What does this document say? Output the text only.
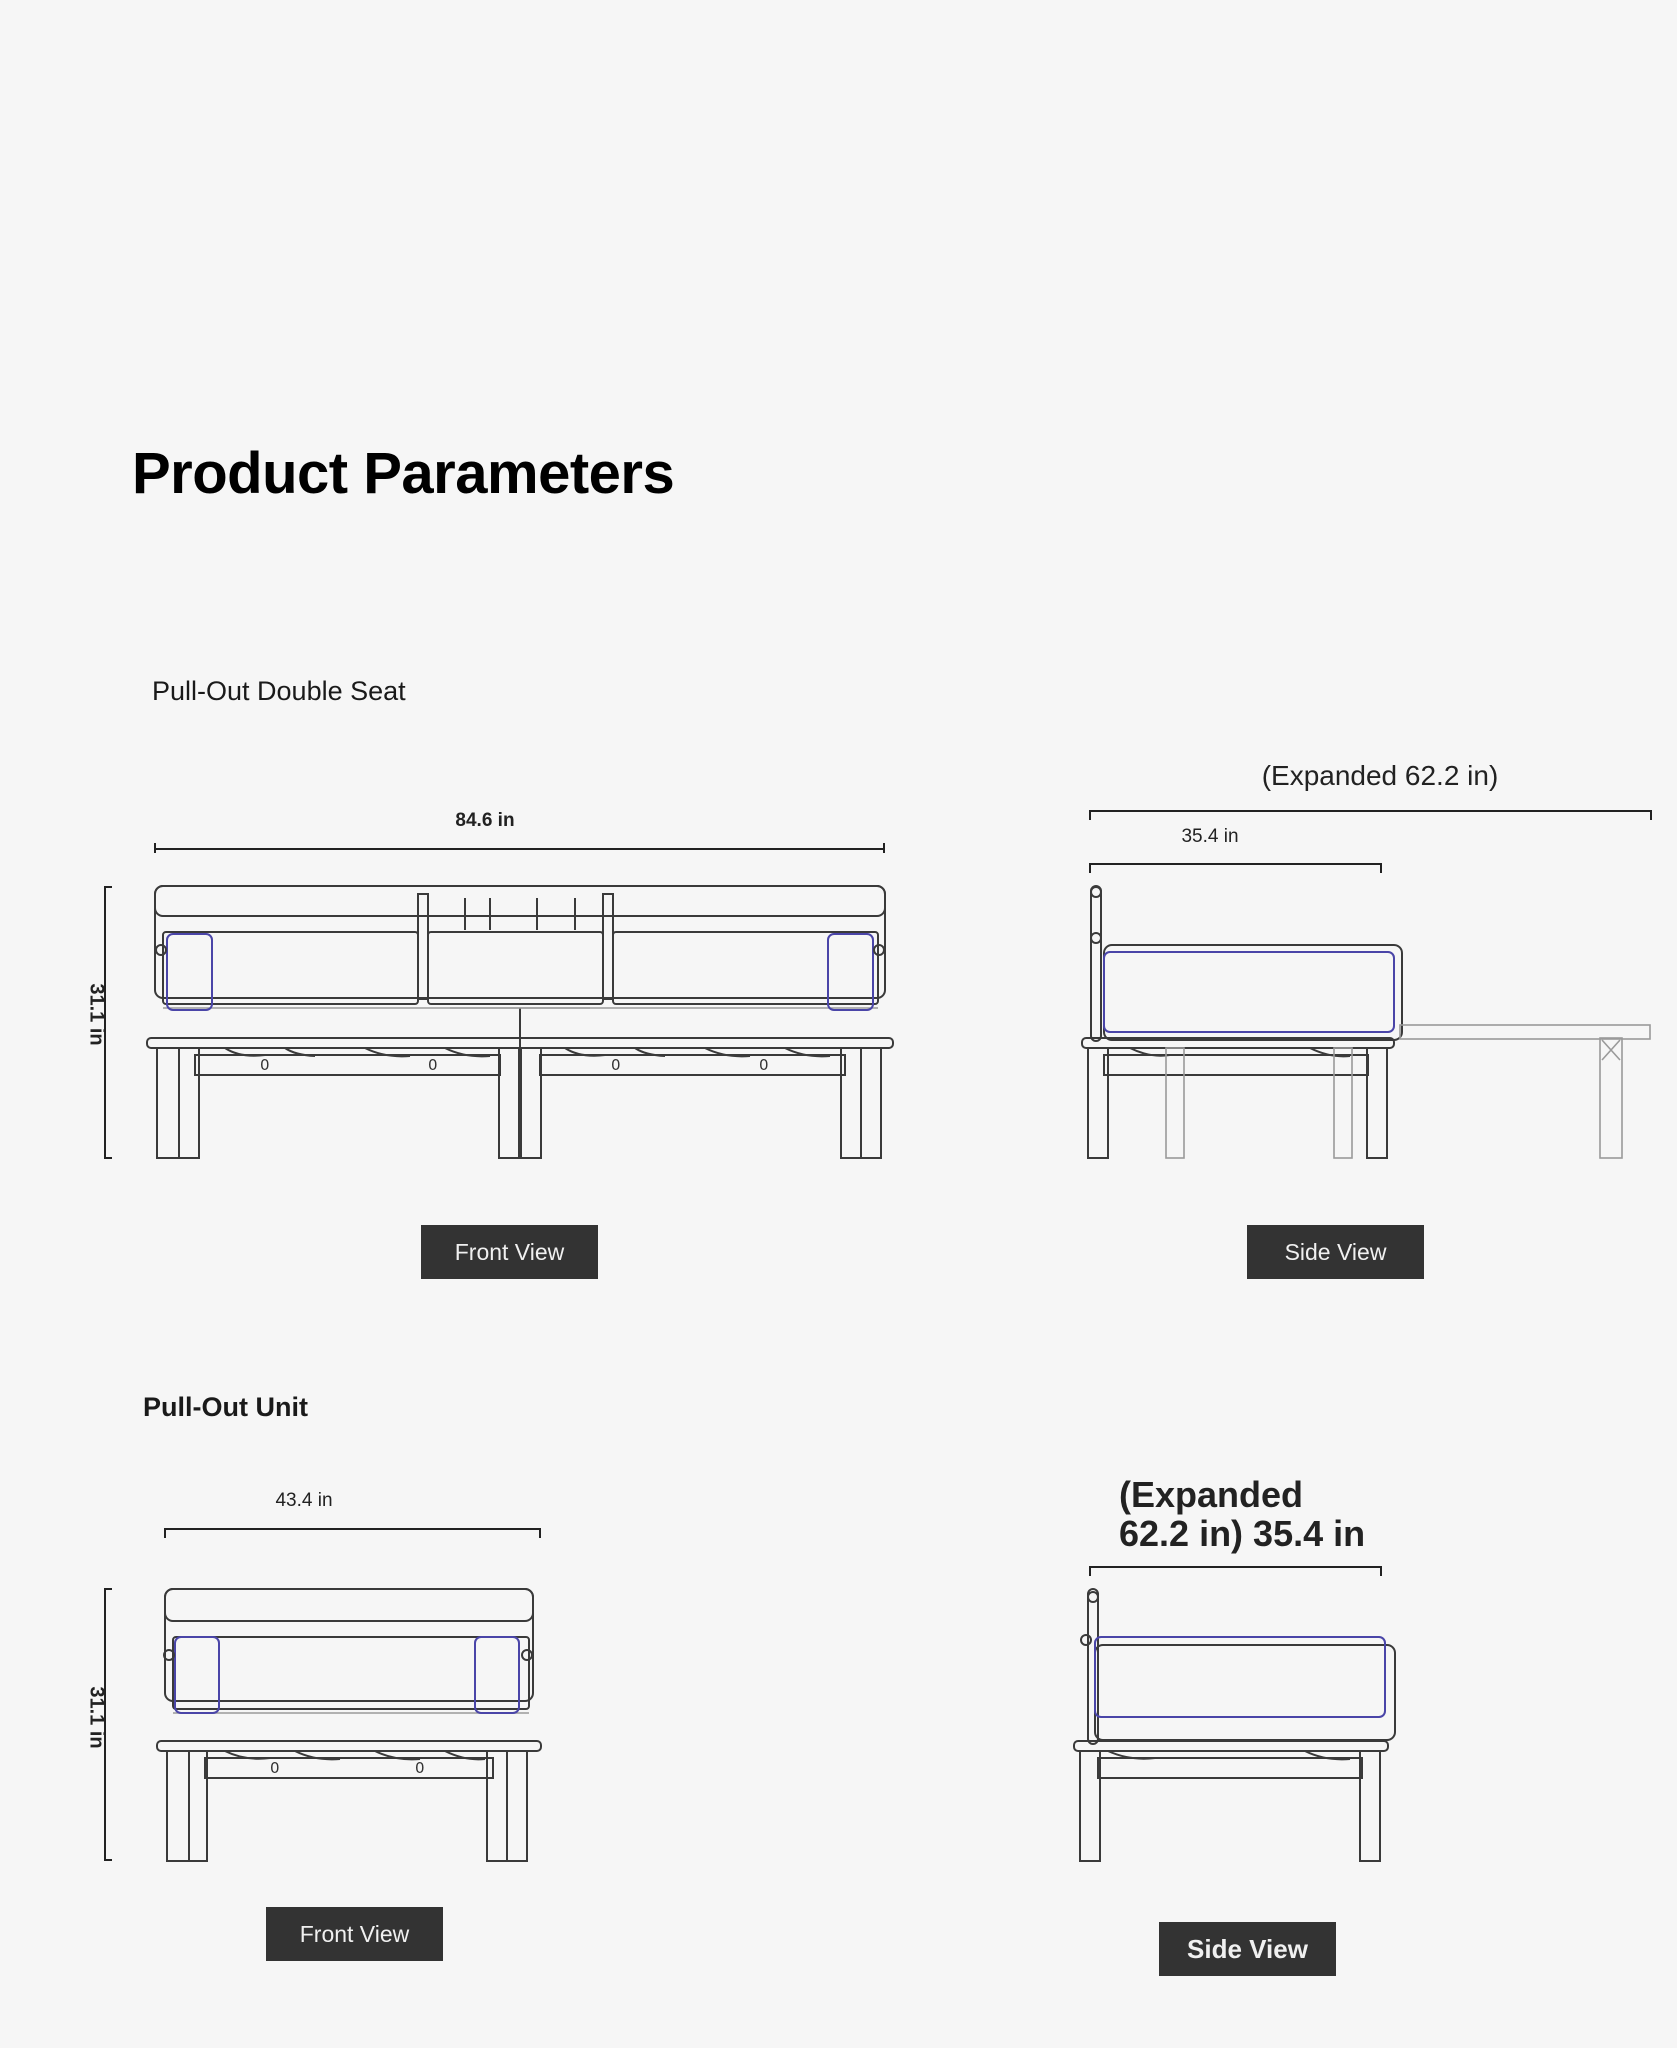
Product Parameters
Pull-Out Double Seat
84.6 in
31.1 in
0	0	0	0
Front View
(Expanded 62.2 in)
35.4 in
Side View
Pull-Out Unit
43.4 in
31.1 in
0	0
Front View
(Expanded
62.2 in) 35.4 in
Side View
